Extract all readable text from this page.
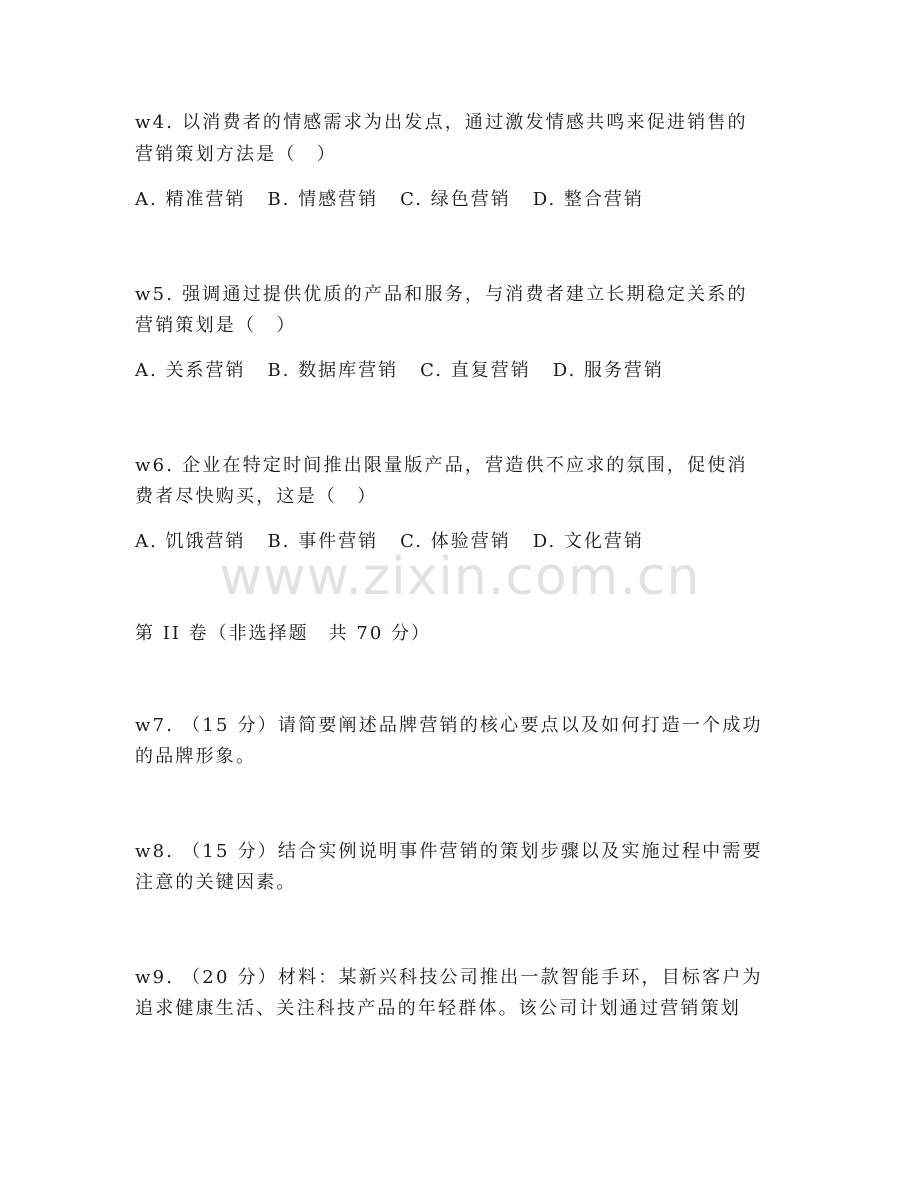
w4. 以消费者的情感需求为出发点，通过激发情感共鸣来促进销售的
营销策划方法是（　）
A. 精准营销 B. 情感营销 C. 绿色营销 D. 整合营销
w5. 强调通过提供优质的产品和服务，与消费者建立长期稳定关系的
营销策划是（　）
A. 关系营销 B. 数据库营销 C. 直复营销 D. 服务营销
w6. 企业在特定时间推出限量版产品，营造供不应求的氛围，促使消
费者尽快购买，这是（　）
A. 饥饿营销 B. 事件营销 C. 体验营销 D. 文化营销
www.zixin.com.cn
第 II 卷（非选择题　共 70 分）
w7. （15 分）请简要阐述品牌营销的核心要点以及如何打造一个成功
的品牌形象。
w8. （15 分）结合实例说明事件营销的策划步骤以及实施过程中需要
注意的关键因素。
w9. （20 分）材料：某新兴科技公司推出一款智能手环，目标客户为
追求健康生活、关注科技产品的年轻群体。该公司计划通过营销策划
